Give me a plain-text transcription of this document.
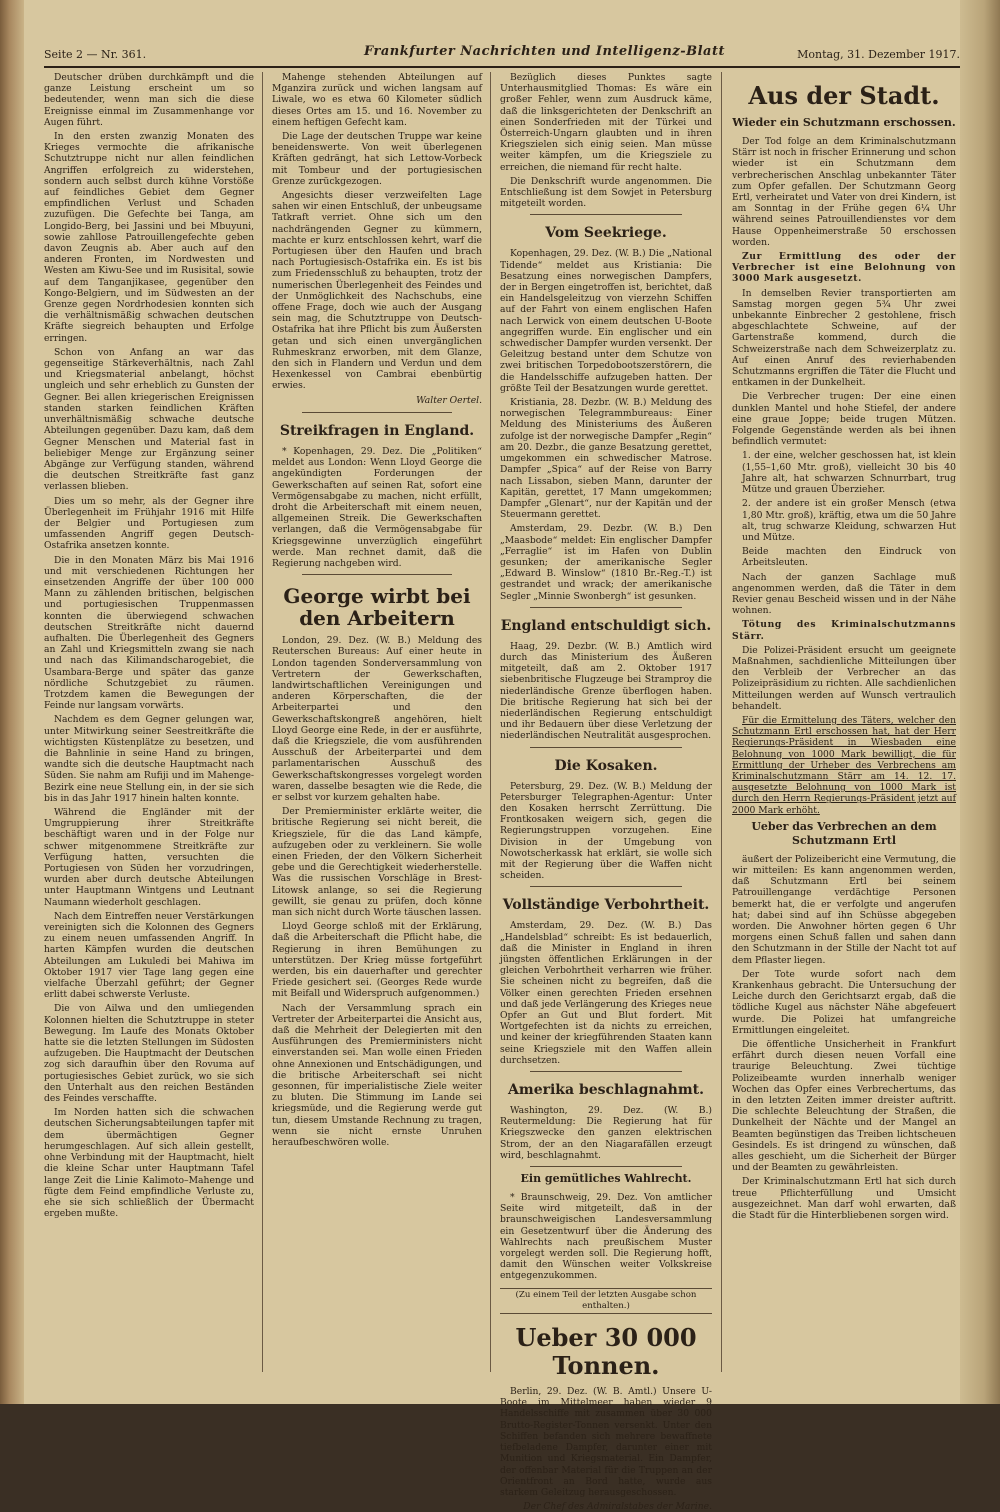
Seite 2 — Nr. 361.	Frankfurter Nachrichten und Intelligenz-Blatt	Montag, 31. Dezember 1917.

Deutscher drüben durchkämpft und die ganze Leistung erscheint um so bedeutender, wenn man sich die diese Ereignisse einmal im Zusammenhange vor Augen führt.

In den ersten zwanzig Monaten des Krieges vermochte die afrikanische Schutztruppe nicht nur allen feindlichen Angriffen erfolgreich zu widerstehen, sondern auch selbst durch kühne Vorstöße auf feindliches Gebiet dem Gegner empfindlichen Verlust und Schaden zuzufügen. Die Gefechte bei Tanga, am Longido-Berg, bei Jassini und bei Mbuyuni, sowie zahllose Patrouillengefechte geben davon Zeugnis ab. Aber auch auf den anderen Fronten, im Nordwesten und Westen am Kiwu-See und im Rusisital, sowie auf dem Tanganjikasee, gegenüber den Kongo-Belgiern, und im Südwesten an der Grenze gegen Nordrhodesien konnten sich die verhältnismäßig schwachen deutschen Kräfte siegreich behaupten und Erfolge erringen.

Schon von Anfang an war das gegenseitige Stärkeverhältnis, nach Zahl und Kriegsmaterial anbelangt, höchst ungleich und sehr erheblich zu Gunsten der Gegner. Bei allen kriegerischen Ereignissen standen starken feindlichen Kräften unverhältnismäßig schwache deutsche Abteilungen gegenüber. Dazu kam, daß dem Gegner Menschen und Material fast in beliebiger Menge zur Ergänzung seiner Abgänge zur Verfügung standen, während die deutschen Streitkräfte fast ganz verlassen blieben.

Dies um so mehr, als der Gegner ihre Überlegenheit im Frühjahr 1916 mit Hilfe der Belgier und Portugiesen zum umfassenden Angriff gegen Deutsch-Ostafrika ansetzen konnte.

Die in den Monaten März bis Mai 1916 und mit verschiedenen Richtungen her einsetzenden Angriffe der über 100 000 Mann zu zählenden britischen, belgischen und portugiesischen Truppenmassen konnten die überwiegend schwachen deutschen Streitkräfte nicht dauernd aufhalten. Die Überlegenheit des Gegners an Zahl und Kriegsmitteln zwang sie nach und nach das Kilimandscharogebiet, die Usambara-Berge und später das ganze nördliche Schutzgebiet zu räumen. Trotzdem kamen die Bewegungen der Feinde nur langsam vorwärts.

Nachdem es dem Gegner gelungen war, unter Mitwirkung seiner Seestreitkräfte die wichtigsten Küstenplätze zu besetzen, und die Bahnlinie in seine Hand zu bringen, wandte sich die deutsche Hauptmacht nach Süden. Sie nahm am Rufiji und im Mahenge-Bezirk eine neue Stellung ein, in der sie sich bis in das Jahr 1917 hinein halten konnte.

Während die Engländer mit der Umgruppierung ihrer Streitkräfte beschäftigt waren und in der Folge nur schwer mitgenommene Streitkräfte zur Verfügung hatten, versuchten die Portugiesen von Süden her vorzudringen, wurden aber durch deutsche Abteilungen unter Hauptmann Wintgens und Leutnant Naumann wiederholt geschlagen.

Nach dem Eintreffen neuer Verstärkungen vereinigten sich die Kolonnen des Gegners zu einem neuen umfassenden Angriff. In harten Kämpfen wurden die deutschen Abteilungen am Lukuledi bei Mahiwa im Oktober 1917 vier Tage lang gegen eine vielfache Überzahl geführt; der Gegner erlitt dabei schwerste Verluste.

Die von Ailwa und den umliegenden Kolonnen hielten die Schutztruppe in steter Bewegung. Im Laufe des Monats Oktober hatte sie die letzten Stellungen im Südosten aufzugeben. Die Hauptmacht der Deutschen zog sich daraufhin über den Rovuma auf portugiesisches Gebiet zurück, wo sie sich den Unterhalt aus den reichen Beständen des Feindes verschaffte.

Im Norden hatten sich die schwachen deutschen Sicherungsabteilungen tapfer mit dem übermächtigen Gegner herumgeschlagen. Auf sich allein gestellt, ohne Verbindung mit der Hauptmacht, hielt die kleine Schar unter Hauptmann Tafel lange Zeit die Linie Kalimoto–Mahenge und fügte dem Feind empfindliche Verluste zu, ehe sie sich schließlich der Übermacht ergeben mußte.

Mahenge stehenden Abteilungen auf Mganzira zurück und wichen langsam auf Liwale, wo es etwa 60 Kilometer südlich dieses Ortes am 15. und 16. November zu einem heftigen Gefecht kam.

Die Lage der deutschen Truppe war keine beneidenswerte. Von weit überlegenen Kräften gedrängt, hat sich Lettow-Vorbeck mit Tombeur und der portugiesischen Grenze zurückgezogen.

Angesichts dieser verzweifelten Lage sahen wir einen Entschluß, der unbeugsame Tatkraft verriet. Ohne sich um den nachdrängenden Gegner zu kümmern, machte er kurz entschlossen kehrt, warf die Portugiesen über den Haufen und brach nach Portugiesisch-Ostafrika ein. Es ist bis zum Friedensschluß zu behaupten, trotz der numerischen Überlegenheit des Feindes und der Unmöglichkeit des Nachschubs, eine offene Frage, doch wie auch der Ausgang sein mag, die Schutztruppe von Deutsch-Ostafrika hat ihre Pflicht bis zum Äußersten getan und sich einen unvergänglichen Ruhmeskranz erworben, mit dem Glanze, den sich in Flandern und Verdun und dem Hexenkessel von Cambrai ebenbürtig erwies.

Walter Oertel.
Streikfragen in England.

* Kopenhagen, 29. Dez. Die „Politiken“ meldet aus London: Wenn Lloyd George die angekündigten Forderungen der Gewerkschaften auf seinen Rat, sofort eine Vermögensabgabe zu machen, nicht erfüllt, droht die Arbeiterschaft mit einem neuen, allgemeinen Streik. Die Gewerkschaften verlangen, daß die Vermögensabgabe für Kriegsgewinne unverzüglich eingeführt werde. Man rechnet damit, daß die Regierung nachgeben wird.

George wirbt bei den Arbeitern

London, 29. Dez. (W. B.) Meldung des Reuterschen Bureaus: Auf einer heute in London tagenden Sonderversammlung von Vertretern der Gewerkschaften, landwirtschaftlichen Vereinigungen und anderen Körperschaften, die der Arbeiterpartei und den Gewerkschaftskongreß angehören, hielt Lloyd George eine Rede, in der er ausführte, daß die Kriegsziele, die vom ausführenden Ausschuß der Arbeiterpartei und dem parlamentarischen Ausschuß des Gewerkschaftskongresses vorgelegt worden waren, dasselbe besagten wie die Rede, die er selbst vor kurzem gehalten habe.

Der Premierminister erklärte weiter, die britische Regierung sei nicht bereit, die Kriegsziele, für die das Land kämpfe, aufzugeben oder zu verkleinern. Sie wolle einen Frieden, der den Völkern Sicherheit gebe und die Gerechtigkeit wiederherstelle. Was die russischen Vorschläge in Brest-Litowsk anlange, so sei die Regierung gewillt, sie genau zu prüfen, doch könne man sich nicht durch Worte täuschen lassen.

Lloyd George schloß mit der Erklärung, daß die Arbeiterschaft die Pflicht habe, die Regierung in ihren Bemühungen zu unterstützen. Der Krieg müsse fortgeführt werden, bis ein dauerhafter und gerechter Friede gesichert sei. (Georges Rede wurde mit Beifall und Widerspruch aufgenommen.)

Nach der Versammlung sprach ein Vertreter der Arbeiterpartei die Ansicht aus, daß die Mehrheit der Delegierten mit den Ausführungen des Premierministers nicht einverstanden sei. Man wolle einen Frieden ohne Annexionen und Entschädigungen, und die britische Arbeiterschaft sei nicht gesonnen, für imperialistische Ziele weiter zu bluten. Die Stimmung im Lande sei kriegsmüde, und die Regierung werde gut tun, diesem Umstande Rechnung zu tragen, wenn sie nicht ernste Unruhen heraufbeschwören wolle.

Bezüglich dieses Punktes sagte Unterhausmitglied Thomas: Es wäre ein großer Fehler, wenn zum Ausdruck käme, daß die linksgerichteten der Denkschrift an einen Sonderfrieden mit der Türkei und Österreich-Ungarn glaubten und in ihren Kriegszielen sich einig seien. Man müsse weiter kämpfen, um die Kriegsziele zu erreichen, die niemand für recht halte.

Die Denkschrift wurde angenommen. Die Entschließung ist dem Sowjet in Petersburg mitgeteilt worden.

Vom Seekriege.

Kopenhagen, 29. Dez. (W. B.) Die „National Tidende“ meldet aus Kristiania: Die Besatzung eines norwegischen Dampfers, der in Bergen eingetroffen ist, berichtet, daß ein Handelsgeleitzug von vierzehn Schiffen auf der Fahrt von einem englischen Hafen nach Lerwick von einem deutschen U-Boote angegriffen wurde. Ein englischer und ein schwedischer Dampfer wurden versenkt. Der Geleitzug bestand unter dem Schutze von zwei britischen Torpedobootszerstörern, die die Handelsschiffe aufzugeben hatten. Der größte Teil der Besatzungen wurde gerettet.

Kristiania, 28. Dezbr. (W. B.) Meldung des norwegischen Telegrammbureaus: Einer Meldung des Ministeriums des Äußeren zufolge ist der norwegische Dampfer „Regin“ am 20. Dezbr., die ganze Besatzung gerettet, umgekommen ein schwedischer Matrose. Dampfer „Spica“ auf der Reise von Barry nach Lissabon, sieben Mann, darunter der Kapitän, gerettet, 17 Mann umgekommen; Dampfer „Glenart“, nur der Kapitän und der Steuermann gerettet.

Amsterdam, 29. Dezbr. (W. B.) Den „Maasbode“ meldet: Ein englischer Dampfer „Ferraglie“ ist im Hafen von Dublin gesunken; der amerikanische Segler „Edward B. Winslow“ (1810 Br.-Reg.-T.) ist gestrandet und wrack; der amerikanische Segler „Minnie Swonbergh“ ist gesunken.

England entschuldigt sich.

Haag, 29. Dezbr. (W. B.) Amtlich wird durch das Ministerium des Äußeren mitgeteilt, daß am 2. Oktober 1917 siebenbritische Flugzeuge bei Stramproy die niederländische Grenze überflogen haben. Die britische Regierung hat sich bei der niederländischen Regierung entschuldigt und ihr Bedauern über diese Verletzung der niederländischen Neutralität ausgesprochen.

Die Kosaken.

Petersburg, 29. Dez. (W. B.) Meldung der Petersburger Telegraphen-Agentur: Unter den Kosaken herrscht Zerrüttung. Die Frontkosaken weigern sich, gegen die Regierungstruppen vorzugehen. Eine Division in der Umgebung von Nowotscherkassk hat erklärt, sie wolle sich mit der Regierung über die Waffen nicht scheiden.

Vollständige Verbohrtheit.

Amsterdam, 29. Dez. (W. B.) Das „Handelsblad“ schreibt: Es ist bedauerlich, daß die Minister in England in ihren jüngsten öffentlichen Erklärungen in der gleichen Verbohrtheit verharren wie früher. Sie scheinen nicht zu begreifen, daß die Völker einen gerechten Frieden ersehnen und daß jede Verlängerung des Krieges neue Opfer an Gut und Blut fordert. Mit Wortgefechten ist da nichts zu erreichen, und keiner der kriegführenden Staaten kann seine Kriegsziele mit den Waffen allein durchsetzen.

Amerika beschlagnahmt.

Washington, 29. Dez. (W. B.) Reutermeldung: Die Regierung hat für Kriegszwecke den ganzen elektrischen Strom, der an den Niagarafällen erzeugt wird, beschlagnahmt.

Ein gemütliches Wahlrecht.

* Braunschweig, 29. Dez. Von amtlicher Seite wird mitgeteilt, daß in der braunschweigischen Landesversammlung ein Gesetzentwurf über die Änderung des Wahlrechts nach preußischem Muster vorgelegt werden soll. Die Regierung hofft, damit den Wünschen weiter Volkskreise entgegenzukommen.

(Zu einem Teil der letzten Ausgabe schon enthalten.)
Ueber 30 000 Tonnen.

Berlin, 29. Dez. (W. B. Amtl.) Unsere U-Boote im Mittelmeer haben wieder 9 Handelsschiffe mit zusammen über 30 000 Brutto-Register-Tonnen versenkt. Unter den Schiffen befanden sich mehrere bewaffnete tiefbeladene Dampfer, darunter einer mit Munition und Kriegsmaterial. Ein Dampfer, der offenbar Material für die Truppen an der Orientfront an Bord hatte, wurde aus starkem Geleitzug herausgeschossen.

Der Chef des Admiralstabes der Marine.
Aus der Stadt.
Wieder ein Schutzmann erschossen.

Der Tod folge an dem Kriminalschutzmann Stärr ist noch in frischer Erinnerung und schon wieder ist ein Schutzmann dem verbrecherischen Anschlag unbekannter Täter zum Opfer gefallen. Der Schutzmann Georg Ertl, verheiratet und Vater von drei Kindern, ist am Sonntag in der Frühe gegen 6¼ Uhr während seines Patrouillendienstes vor dem Hause Oppenheimerstraße 50 erschossen worden.

Zur Ermittlung des oder der Verbrecher ist eine Belohnung von 3000 Mark ausgesetzt.

In demselben Revier transportierten am Samstag morgen gegen 5¾ Uhr zwei unbekannte Einbrecher 2 gestohlene, frisch abgeschlachtete Schweine, auf der Gartenstraße kommend, durch die Schweizerstraße nach dem Schweizerplatz zu. Auf einen Anruf des revierhabenden Schutzmanns ergriffen die Täter die Flucht und entkamen in der Dunkelheit.

Die Verbrecher trugen: Der eine einen dunklen Mantel und hohe Stiefel, der andere eine graue Joppe; beide trugen Mützen. Folgende Gegenstände werden als bei ihnen befindlich vermutet:

1. der eine, welcher geschossen hat, ist klein (1,55–1,60 Mtr. groß), vielleicht 30 bis 40 Jahre alt, hat schwarzen Schnurrbart, trug Mütze und grauen Überzieher.

2. der andere ist ein großer Mensch (etwa 1,80 Mtr. groß), kräftig, etwa um die 50 Jahre alt, trug schwarze Kleidung, schwarzen Hut und Mütze.

Beide machten den Eindruck von Arbeitsleuten.

Nach der ganzen Sachlage muß angenommen werden, daß die Täter in dem Revier genau Bescheid wissen und in der Nähe wohnen.

Tötung des Kriminalschutzmanns Stärr.

Die Polizei-Präsident ersucht um geeignete Maßnahmen, sachdienliche Mitteilungen über den Verbleib der Verbrecher an das Polizeipräsidium zu richten. Alle sachdienlichen Mitteilungen werden auf Wunsch vertraulich behandelt.

Für die Ermittelung des Täters, welcher den Schutzmann Ertl erschossen hat, hat der Herr Regierungs-Präsident in Wiesbaden eine Belohnung von 1000 Mark bewilligt, die für Ermittlung der Urheber des Verbrechens am Kriminalschutzmann Stärr am 14. 12. 17. ausgesetzte Belohnung von 1000 Mark ist durch den Herrn Regierungs-Präsident jetzt auf 2000 Mark erhöht.

Ueber das Verbrechen an dem Schutzmann Ertl

äußert der Polizeibericht eine Vermutung, die wir mitteilen: Es kann angenommen werden, daß Schutzmann Ertl bei seinem Patrouillengange verdächtige Personen bemerkt hat, die er verfolgte und angerufen hat; dabei sind auf ihn Schüsse abgegeben worden. Die Anwohner hörten gegen 6 Uhr morgens einen Schuß fallen und sahen dann den Schutzmann in der Stille der Nacht tot auf dem Pflaster liegen.

Der Tote wurde sofort nach dem Krankenhaus gebracht. Die Untersuchung der Leiche durch den Gerichtsarzt ergab, daß die tödliche Kugel aus nächster Nähe abgefeuert wurde. Die Polizei hat umfangreiche Ermittlungen eingeleitet.

Die öffentliche Unsicherheit in Frankfurt erfährt durch diesen neuen Vorfall eine traurige Beleuchtung. Zwei tüchtige Polizeibeamte wurden innerhalb weniger Wochen das Opfer eines Verbrechertums, das in den letzten Zeiten immer dreister auftritt. Die schlechte Beleuchtung der Straßen, die Dunkelheit der Nächte und der Mangel an Beamten begünstigen das Treiben lichtscheuen Gesindels. Es ist dringend zu wünschen, daß alles geschieht, um die Sicherheit der Bürger und der Beamten zu gewährleisten.

Der Kriminalschutzmann Ertl hat sich durch treue Pflichterfüllung und Umsicht ausgezeichnet. Man darf wohl erwarten, daß die Stadt für die Hinterbliebenen sorgen wird.
